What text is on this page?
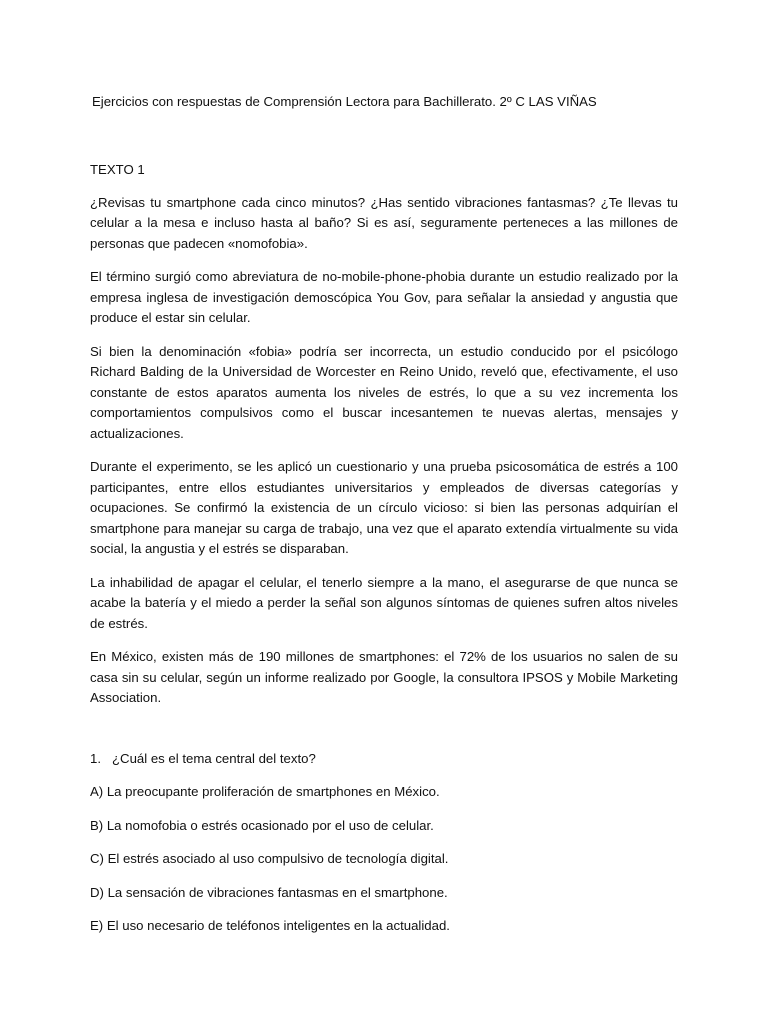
Ejercicios con respuestas de Comprensión Lectora para Bachillerato. 2º C LAS VIÑAS
TEXTO 1

¿Revisas tu smartphone cada cinco minutos? ¿Has sentido vibraciones fantasmas? ¿Te llevas tu celular a la mesa e incluso hasta al baño? Si es así, seguramente perteneces a las millones de personas que padecen «nomofobia».

El término surgió como abreviatura de no-mobile-phone-phobia durante un estudio realizado por la empresa inglesa de investigación demoscópica You Gov, para señalar la ansiedad y angustia que produce el estar sin celular.

Si bien la denominación «fobia» podría ser incorrecta, un estudio conducido por el psicólogo Richard Balding de la Universidad de Worcester en Reino Unido, reveló que, efectivamente, el uso constante de estos aparatos aumenta los niveles de estrés, lo que a su vez incrementa los comportamientos compulsivos como el buscar incesantemen te nuevas alertas, mensajes y actualizaciones.

Durante el experimento, se les aplicó un cuestionario y una prueba psicosomática de estrés a 100 participantes, entre ellos estudiantes universitarios y empleados de diversas categorías y ocupaciones. Se confirmó la existencia de un círculo vicioso: si bien las personas adquirían el smartphone para manejar su carga de trabajo, una vez que el aparato extendía virtualmente su vida social, la angustia y el estrés se disparaban.

La inhabilidad de apagar el celular, el tenerlo siempre a la mano, el asegurarse de que nunca se acabe la batería y el miedo a perder la señal son algunos síntomas de quienes sufren altos niveles de estrés.

En México, existen más de 190 millones de smartphones: el 72% de los usuarios no salen de su casa sin su celular, según un informe realizado por Google, la consultora IPSOS y Mobile Marketing Association.

1. ¿Cuál es el tema central del texto?
A) La preocupante proliferación de smartphones en México.
B) La nomofobia o estrés ocasionado por el uso de celular.
C) El estrés asociado al uso compulsivo de tecnología digital.
D) La sensación de vibraciones fantasmas en el smartphone.
E) El uso necesario de teléfonos inteligentes en la actualidad.
